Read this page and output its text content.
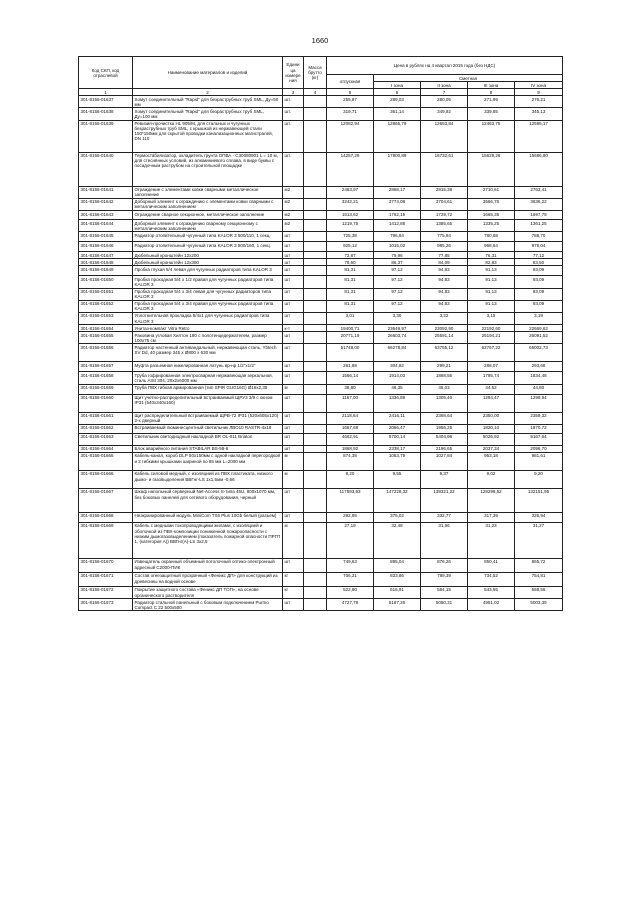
1660
Код СКП, код отраслевой	Наименование материалов и изделий	Едини ца измере ния	Масса брутто (кг)	Цена в рублях на 4 квартал 2015 года (без НДС)				
				отпускная	Сметная			
					I зона	II зона	III зона	IV зона
1	2	3	4	5	6	7	8	9
301-8156-01637	Хомут соединительный "Rapid" для безраструбных труб SML, Ду=50 мм	шт.		255,87	289,03	280,05	271,99	276,21
301-8156-01638	Хомут соединительный "Rapid" для безраструбных труб SML, Ду=100 мм	шт.		319,71	361,14	349,92	339,85	345,13
301-8156-01639	Ревизия-прочистка HL 905/M, для стальных и чугунных безраструбных труб SML, с крышкой из нержавеющей стали 150*150мм для скрытой проводки канализационных магистралей, DN 110	шт.		12082,94	12865,79	12653,84	12463,75	12595,17
301-8156-01640	Термостабилизатор, охладитель грунта ОПВА - С30080901 L = 10 м, для стеснённых условий, из алюминиевого сплава, в виде буквы с посадочным раструбом на строительной площадке	шт.		14257,29	17800,89	16732,61	15629,26	15686,80
301-8156-01641	Ограждение с элементами ковки сварными металлическое заполнение	м2		2463,97	2868,17	2815,38	2710,61	2763,41
301-8156-01642	Доборный элемент к ограждению с элементами ковки сварными с металлическим заполнением	м2		3242,21	3774,08	3704,61	3566,76	3636,22
301-8156-01643	Ограждение сварное секционное, металлическое заполнение	м2		1513,62	1762,15	1729,72	1665,35	1697,79
301-8156-01644	Доборный элемент к ограждению сварному секционному с металлическим заполнением	м2		1219,75	1412,88	1385,65	1335,25	1361,25
301-8156-01645	Радиатор отопительный чугунный типа KALOR 3 500/110, 1 секц.	шт		725,38	796,84	775,94	780,68	788,70
301-8156-01646	Радиатор отопительный чугунный типа KALOR 3 500/160, 1 секц.	шт		925,12	1015,02	985,26	968,64	978,04
301-8156-01647	Дюбельный кронштейн 12х200	шт		72,87	79,96	77,85	76,31	77,12
301-8156-01648	Дюбельный кронштейн 12х300	шт		78,60	86,37	84,09	82,83	83,50
301-8156-01649	Пробка глухая 5/4 левая для чугунных радиаторов типа KALOR 3	шт		81,31	97,12	94,83	91,13	93,09
301-8156-01650	Пробка проходная 5/4 х 1/2 правая для чугунных радиаторов типа KALOR 3	шт		81,31	97,12	94,83	91,13	93,09
301-8156-01651	Пробка проходная 5/4 х 3/4 левая для чугунных радиаторов типа KALOR 3	шт		81,31	97,12	94,83	91,13	93,09
301-8156-01652	Пробка проходная 5/4 х 3/4 правая для чугунных радиаторов типа KALOR 3	шт		81,31	97,12	94,83	91,13	93,09
301-8156-01653	Уплотнительная прокладка 5/4х1 для чугунных радиаторов типа KALOR 3	шт		3,01	3,30	3,22	3,15	3,19
301-8156-01654	Унитаз-компакт Vitra Retro	к-т		19400,71	23649,97	23092,90	22192,60	22669,62
301-8156-01655	Раковина угловая Хилтон 180 с полотенцедержателем, размер 100х75 см	шт		20771,19	26603,74	25591,14	25194,21	26091,52
301-8156-01656	Радиатор настенный антивандальный, нержавеющая сталь, Ybtech SV Dd, 40 размер 345 х Ø800 х 630 мм	шт		51748,00	66278,84	63755,12	62767,22	65002,73
301-8156-01657	Муфта разъемная никелированная латунь вр-нр 1/2"х1/2"	шт		261,88	304,82	299,21	288,07	293,68
301-8156-01658	Труба гофрированная электросварная нержавеющая зеркальная, сталь AISI 304, 20х2х6000 мм	шт		1566,14	1914,03	1868,56	1795,74	1834,48
301-8156-01659	Труба ПВХ гибкая армированная (тип SPIR GUG16G) Ø16х2,35	м		38,80	46,35	45,03	44,52	44,80
301-8156-01660	Щит учетно-распределительный встраиваемый ЩРУ3 3/9 с окном IP31 (540х340х160)	шт		1167,00	1336,89	1305,40	1294,47	1299,94
301-8156-01661	Щит распределительный встраиваемый ЩРВ-72 IP31 (520х605х120) 2-х дверный	шт		2118,64	2416,11	2368,64	2350,00	2359,32
301-8156-01662	Встраиваемый люминесцентный светильник ЛВО10 RASTR-4х18	шт		1667,68	2066,47	1956,25	1820,10	1870,72
301-8156-01663	Светильник светодиодный накладной BR OL-011 Briaton	шт		4662,91	5700,14	5404,96	5026,92	5167,64
301-8156-01664	Блок аварийного питания STABILAR BS-58-6	шт		1868,92	2338,17	2196,65	2037,34	2096,70
301-8156-01665	Кабель-канал, короб DLP 50х150мм с одной накладкой перегородкой и 2 гибкими крышками шириной по 85 мм L=2000 мм	м		874,38	1063,79	1027,84	953,18	981,61
301-8156-01666	Кабель силовой медный, с изоляцией из ПВХ пластиката, низкого дымо- и газовыделения ВВГнг-LS 1х1,5мм -0,66	м		8,20	9,55	9,37	9,02	9,20
301-8156-01667	Шкаф напольный серверный Net-Access S-типа 45U, 800х1070 мм, без боковых панелей для сетевого оборудования, черный	шт		117593,53	147228,32	138321,22	128299,52	132151,95
301-8156-01668	Неэкранированный модуль MiniCom TX6 Plus 10Gb белый (разъем)	шт		292,85	375,02	332,77	317,39	326,94
301-8156-01669	Кабель с медными токопроводящими жилами, с изоляцией и оболочкой из ПВХ-композиции пониженной пожароопасности с низким дымогазовыделением (показатель пожарной опасности ПРГП 1, (категория А)) ВВГнг(А)-LS 3х2,5	м		27,19	32,48	31,56	31,23	31,27
301-8156-01670	Извещатель охранный объемный потолочный оптико-электронный адресный С2000-ПИК	шт		749,63	895,04	876,26	850,41	865,72
301-8156-01671	Состав огнезащитный прозрачный «Феникс ДП» для конструкций из древесины на водной основе	кг		706,21	833,86	789,39	734,52	754,81
301-8156-01672	Покрытие защитного состава «Феникс ДП ТОП», на основе органического растворителя	кг		522,80	616,91	584,15	543,55	558,56
301-8156-01673	Радиатор стальной панельный с боковым подключением Purmo Compact C 22 500х500	шт		4727,79	5187,26	5050,31	4951,02	5003,39
